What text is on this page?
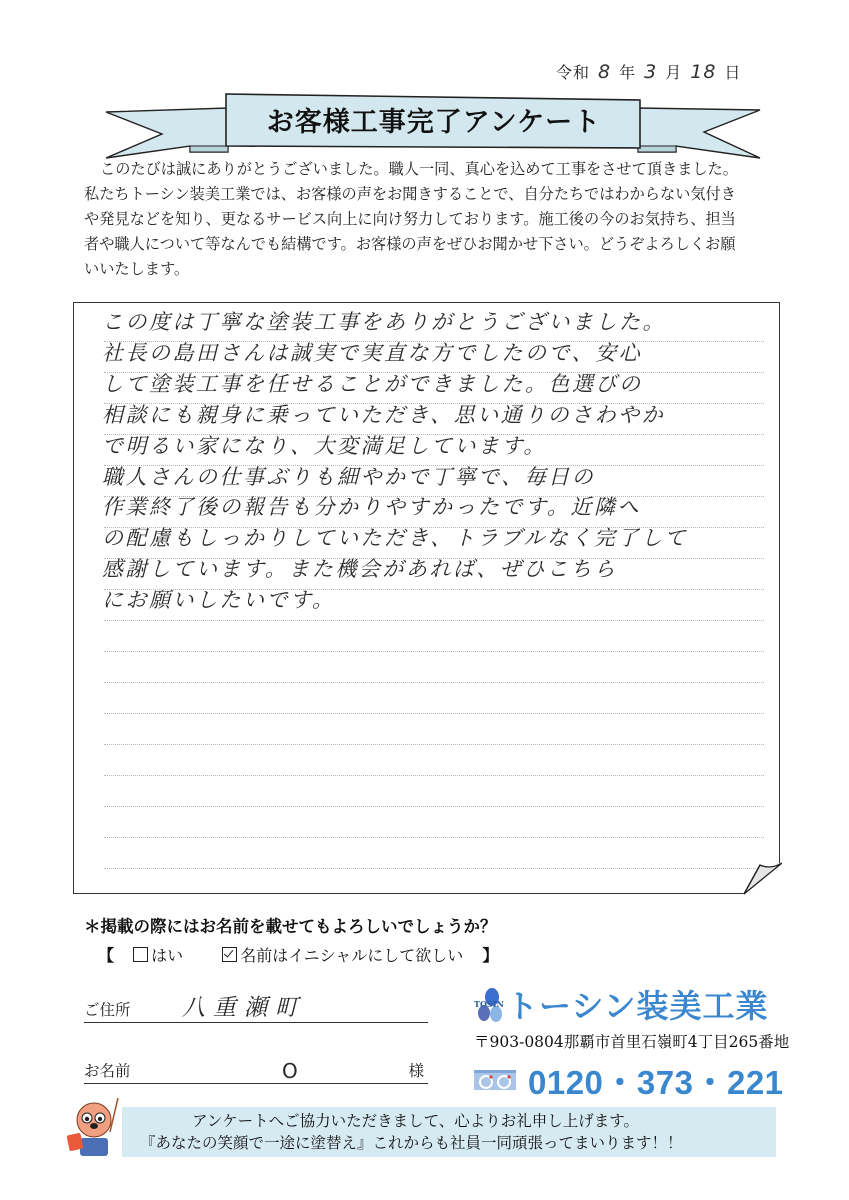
令和 8 年 3 月 18 日
お客様工事完了アンケート

このたびは誠にありがとうございました。職人一同、真心を込めて工事をさせて頂きました。

私たちトーシン装美工業では、お客様の声をお聞きすることで、自分たちではわからない気付き

や発見などを知り、更なるサービス向上に向け努力しております。施工後の今のお気持ち、担当

者や職人について等なんでも結構です。お客様の声をぜひお聞かせ下さい。どうぞよろしくお願

いいたします。

この度は丁寧な塗装工事をありがとうございました。
社長の島田さんは誠実で実直な方でしたので、安心
して塗装工事を任せることができました。色選びの
相談にも親身に乗っていただき、思い通りのさわやか
で明るい家になり、大変満足しています。
職人さんの仕事ぶりも細やかで丁寧で、毎日の
作業終了後の報告も分かりやすかったです。近隣へ
の配慮もしっかりしていただき、トラブルなく完了して
感謝しています。また機会があれば、ぜひこちら
にお願いしたいです。
＊掲載の際にはお名前を載せてもよろしいでしょうか？
【 はい	名前はイニシャルにして欲しい 】
ご住所 八重瀬町
お名前	O	様
TOSIN トーシン装美工業
〒903-0804那覇市首里石嶺町4丁目265番地
0120・373・221
アンケートへご協力いただきまして、心よりお礼申し上げます。
『あなたの笑顔で一途に塗替え』これからも社員一同頑張ってまいります！！
